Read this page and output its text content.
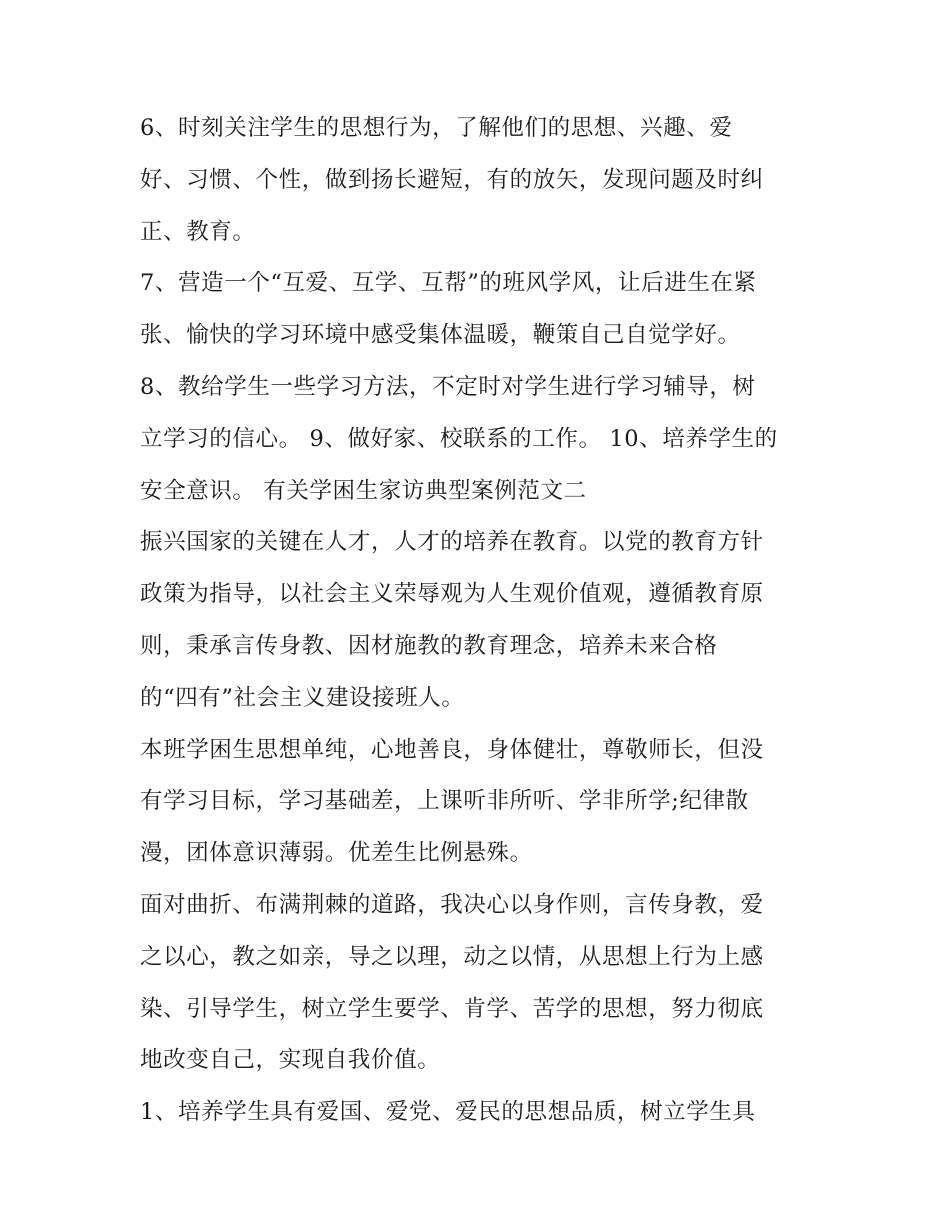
6、时刻关注学生的思想行为，了解他们的思想、兴趣、爱
好、习惯、个性，做到扬长避短，有的放矢，发现问题及时纠
正、教育。
7、营造一个“互爱、互学、互帮”的班风学风，让后进生在紧
张、愉快的学习环境中感受集体温暖，鞭策自己自觉学好。
8、教给学生一些学习方法，不定时对学生进行学习辅导，树
立学习的信心。 9、做好家、校联系的工作。 10、培养学生的
安全意识。 有关学困生家访典型案例范文二
振兴国家的关键在人才，人才的培养在教育。以党的教育方针
政策为指导，以社会主义荣辱观为人生观价值观，遵循教育原
则，秉承言传身教、因材施教的教育理念，培养未来合格
的“四有”社会主义建设接班人。
本班学困生思想单纯，心地善良，身体健壮，尊敬师长，但没
有学习目标，学习基础差，上课听非所听、学非所学;纪律散
漫，团体意识薄弱。优差生比例悬殊。
面对曲折、布满荆棘的道路，我决心以身作则，言传身教，爱
之以心，教之如亲，导之以理，动之以情，从思想上行为上感
染、引导学生，树立学生要学、肯学、苦学的思想，努力彻底
地改变自己，实现自我价值。
1、培养学生具有爱国、爱党、爱民的思想品质，树立学生具
